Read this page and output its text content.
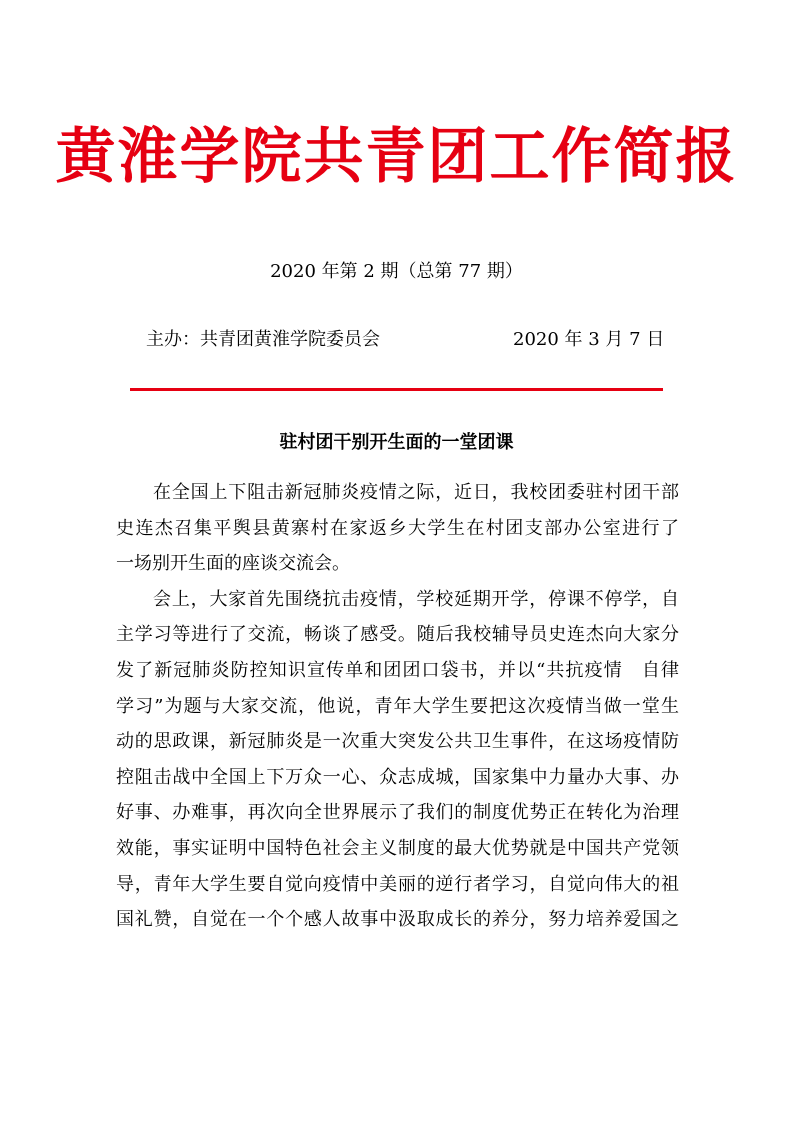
黄淮学院共青团工作简报
2020 年第 2 期（总第 77 期）
主办：共青团黄淮学院委员会	2020 年 3 月 7 日
驻村团干别开生面的一堂团课

在全国上下阻击新冠肺炎疫情之际，近日，我校团委驻村团干部
史连杰召集平舆县黄寨村在家返乡大学生在村团支部办公室进行了
一场别开生面的座谈交流会。

会上，大家首先围绕抗击疫情，学校延期开学，停课不停学，自
主学习等进行了交流，畅谈了感受。随后我校辅导员史连杰向大家分
发了新冠肺炎防控知识宣传单和团团口袋书，并以“共抗疫情　自律
学习”为题与大家交流，他说，青年大学生要把这次疫情当做一堂生
动的思政课，新冠肺炎是一次重大突发公共卫生事件，在这场疫情防
控阻击战中全国上下万众一心、众志成城，国家集中力量办大事、办
好事、办难事，再次向全世界展示了我们的制度优势正在转化为治理
效能，事实证明中国特色社会主义制度的最大优势就是中国共产党领
导，青年大学生要自觉向疫情中美丽的逆行者学习，自觉向伟大的祖
国礼赞，自觉在一个个感人故事中汲取成长的养分，努力培养爱国之
